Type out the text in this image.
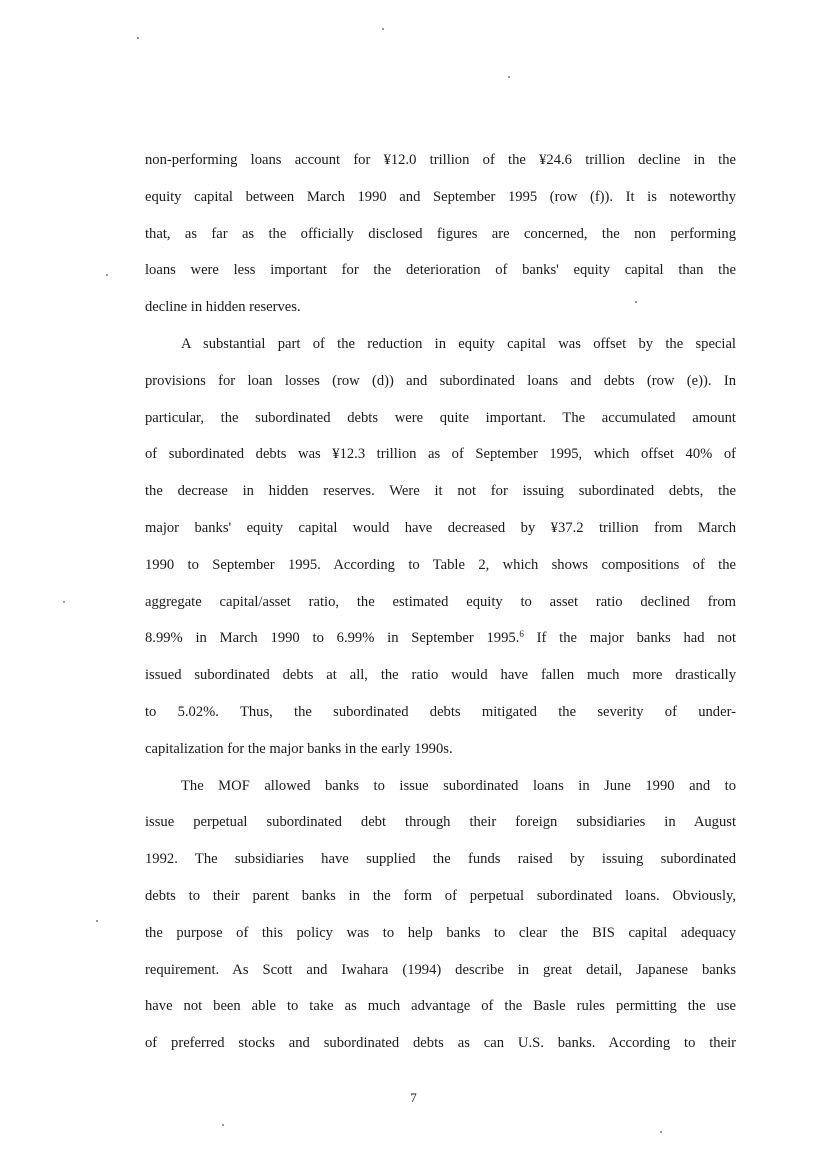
non-performing loans account for ¥12.0 trillion of the ¥24.6 trillion decline in the
equity capital between March 1990 and September 1995 (row (f)). It is noteworthy
that, as far as the officially disclosed figures are concerned, the non performing
loans were less important for the deterioration of banks' equity capital than the
decline in hidden reserves.
A substantial part of the reduction in equity capital was offset by the special
provisions for loan losses (row (d)) and subordinated loans and debts (row (e)). In
particular, the subordinated debts were quite important. The accumulated amount
of subordinated debts was ¥12.3 trillion as of September 1995, which offset 40% of
the decrease in hidden reserves. Were it not for issuing subordinated debts, the
major banks' equity capital would have decreased by ¥37.2 trillion from March
1990 to September 1995. According to Table 2, which shows compositions of the
aggregate capital/asset ratio, the estimated equity to asset ratio declined from
8.99% in March 1990 to 6.99% in September 1995.$^6$ If the major banks had not
issued subordinated debts at all, the ratio would have fallen much more drastically
to 5.02%. Thus, the subordinated debts mitigated the severity of under-
capitalization for the major banks in the early 1990s.
The MOF allowed banks to issue subordinated loans in June 1990 and to
issue perpetual subordinated debt through their foreign subsidiaries in August
1992. The subsidiaries have supplied the funds raised by issuing subordinated
debts to their parent banks in the form of perpetual subordinated loans. Obviously,
the purpose of this policy was to help banks to clear the BIS capital adequacy
requirement. As Scott and Iwahara (1994) describe in great detail, Japanese banks
have not been able to take as much advantage of the Basle rules permitting the use
of preferred stocks and subordinated debts as can U.S. banks. According to their
7
